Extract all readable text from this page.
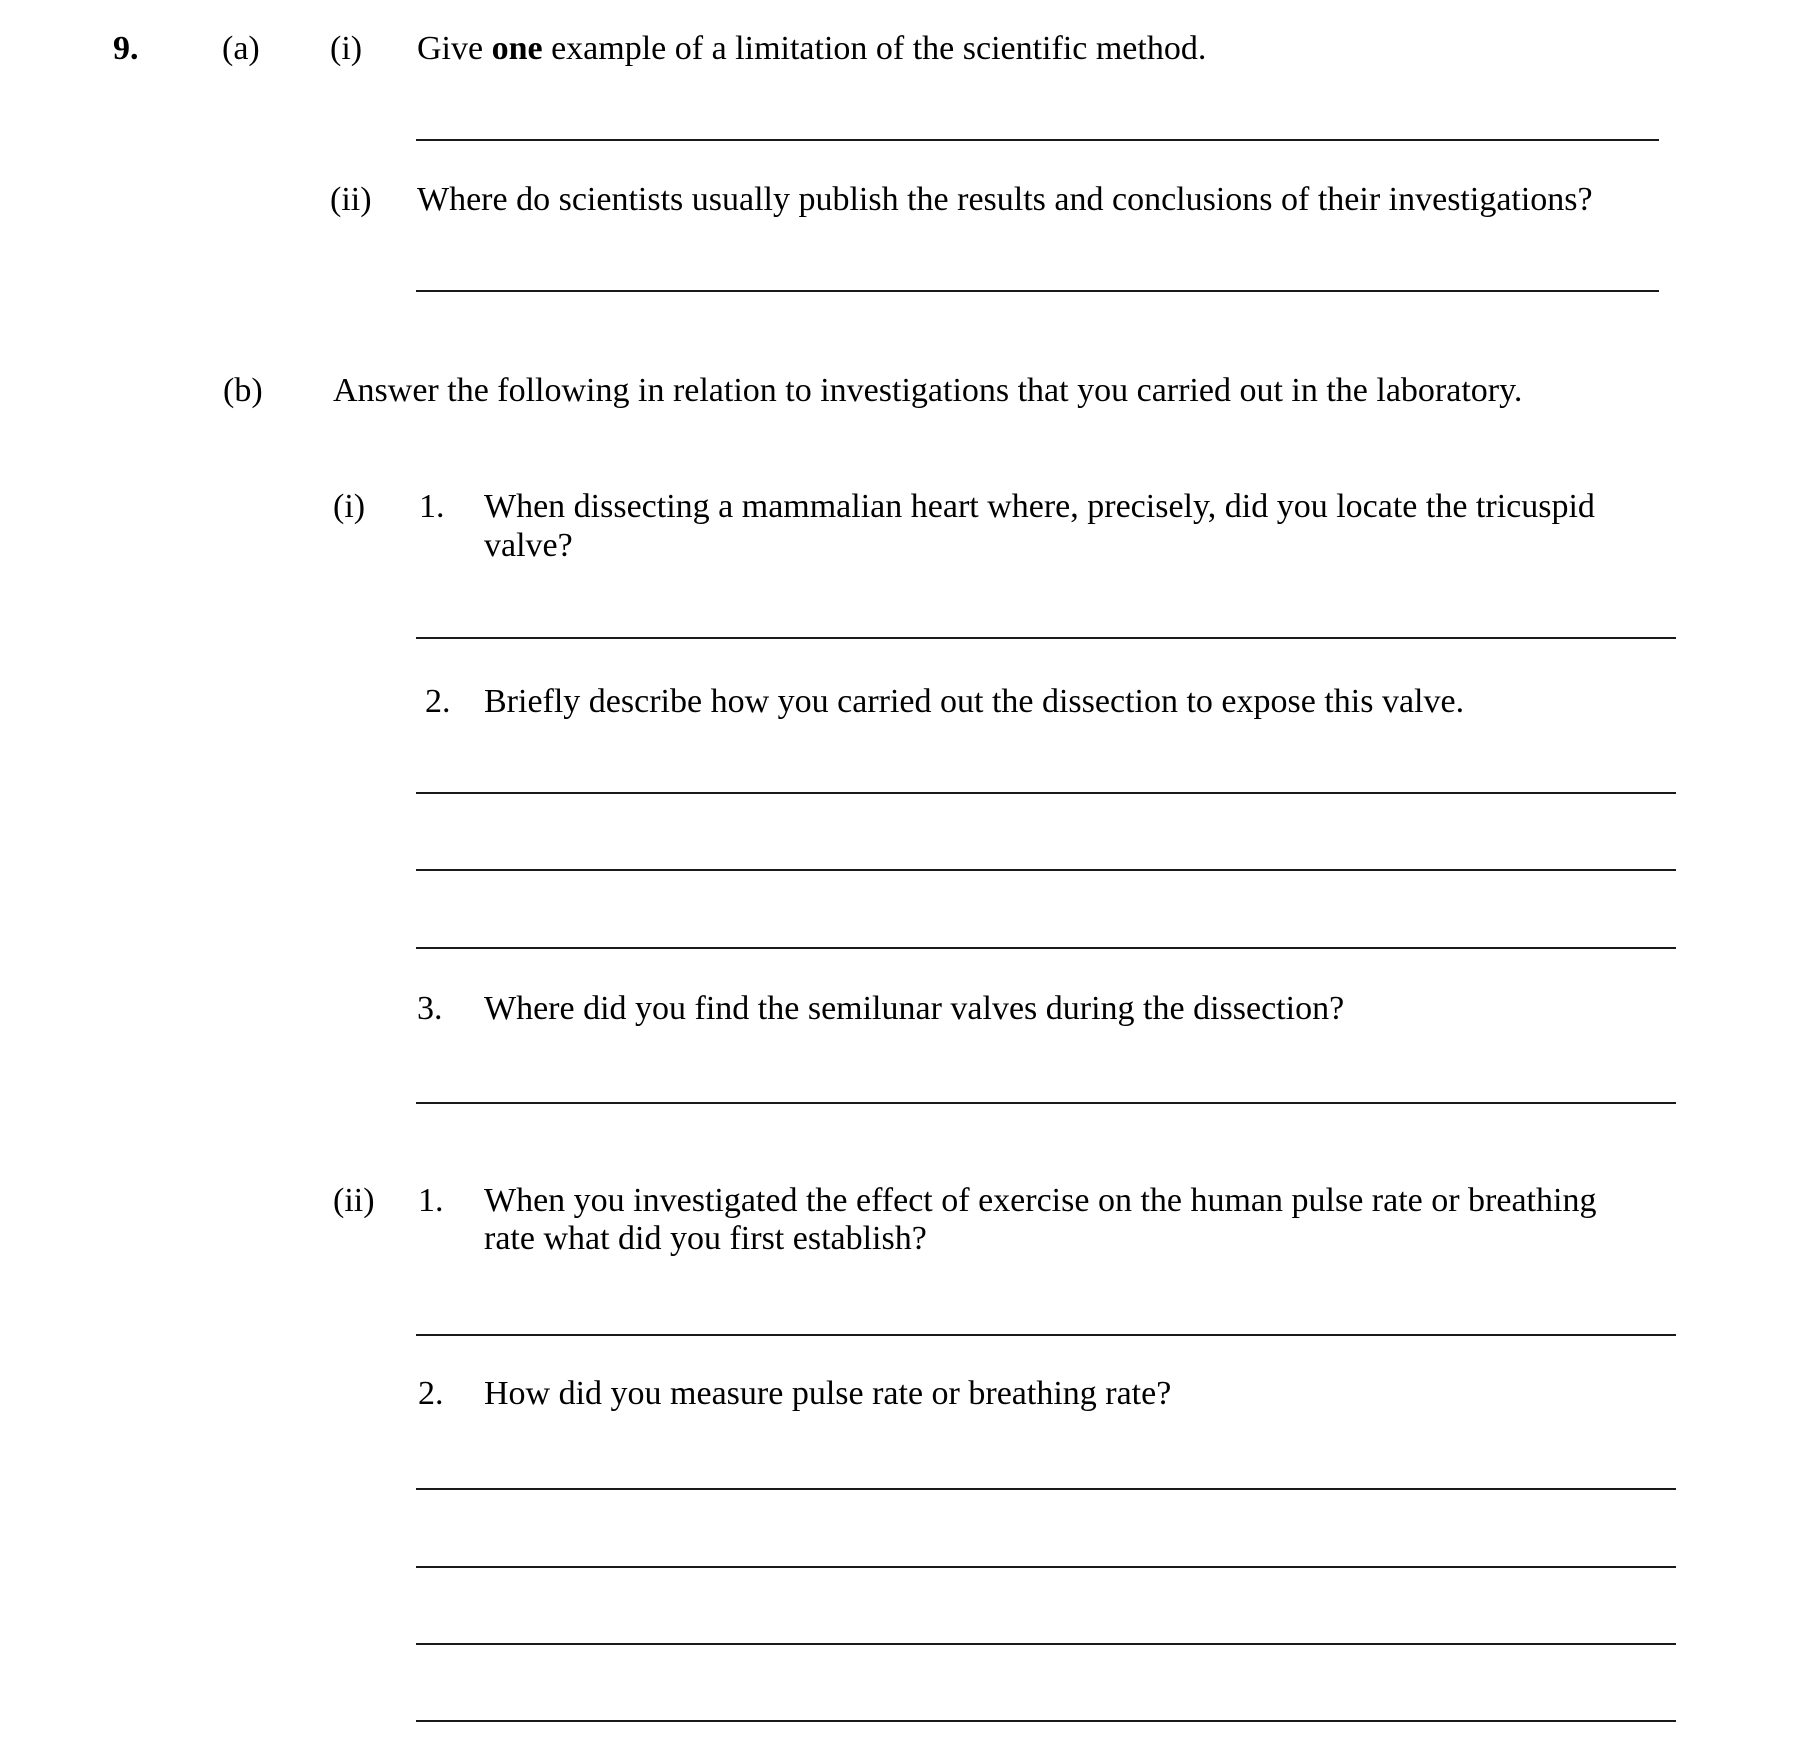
9. (a) (i) Give one example of a limitation of the scientific method.
(ii) Where do scientists usually publish the results and conclusions of their investigations?
(b) Answer the following in relation to investigations that you carried out in the laboratory.
(i) 1. When dissecting a mammalian heart where, precisely, did you locate the tricuspid
valve?
2. Briefly describe how you carried out the dissection to expose this valve.
3. Where did you find the semilunar valves during the dissection?
(ii) 1. When you investigated the effect of exercise on the human pulse rate or breathing
rate what did you first establish?
2. How did you measure pulse rate or breathing rate?
